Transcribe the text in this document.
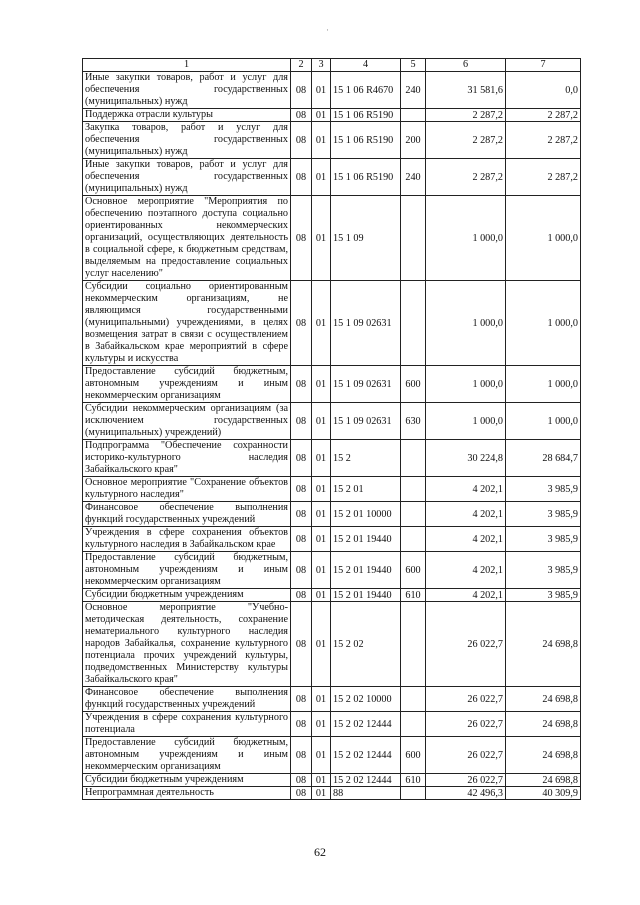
·
1	2	3	4	5	6	7
Иные закупки товаров, работ и услуг для обеспечения государственных (муниципальных) нужд	08	01	15 1 06 R4670	240	31 581,6	0,0
Поддержка отрасли культуры	08	01	15 1 06 R5190		2 287,2	2 287,2
Закупка товаров, работ и услуг для обеспечения государственных (муниципальных) нужд	08	01	15 1 06 R5190	200	2 287,2	2 287,2
Иные закупки товаров, работ и услуг для обеспечения государственных (муниципальных) нужд	08	01	15 1 06 R5190	240	2 287,2	2 287,2
Основное мероприятие "Мероприятия по обеспечению поэтапного доступа социально ориентированных некоммерческих организаций, осуществляющих деятельность в социальной сфере, к бюджетным средствам, выделяемым на предоставление социальных услуг населению"	08	01	15 1 09		1 000,0	1 000,0
Субсидии социально ориентированным некоммерческим организациям, не являющимся государственными (муниципальными) учреждениями, в целях возмещения затрат в связи с осуществлением в Забайкальском крае мероприятий в сфере культуры и искусства	08	01	15 1 09 02631		1 000,0	1 000,0
Предоставление субсидий бюджетным, автономным учреждениям и иным некоммерческим организациям	08	01	15 1 09 02631	600	1 000,0	1 000,0
Субсидии некоммерческим организациям (за исключением государственных (муниципальных) учреждений)	08	01	15 1 09 02631	630	1 000,0	1 000,0
Подпрограмма "Обеспечение сохранности историко-культурного наследия Забайкальского края"	08	01	15 2		30 224,8	28 684,7
Основное мероприятие "Сохранение объектов культурного наследия"	08	01	15 2 01		4 202,1	3 985,9
Финансовое обеспечение выполнения функций государственных учреждений	08	01	15 2 01 10000		4 202,1	3 985,9
Учреждения в сфере сохранения объектов культурного наследия в Забайкальском крае	08	01	15 2 01 19440		4 202,1	3 985,9
Предоставление субсидий бюджетным, автономным учреждениям и иным некоммерческим организациям	08	01	15 2 01 19440	600	4 202,1	3 985,9
Субсидии бюджетным учреждениям	08	01	15 2 01 19440	610	4 202,1	3 985,9
Основное мероприятие "Учебно-методическая деятельность, сохранение нематериального культурного наследия народов Забайкалья, сохранение культурного потенциала прочих учреждений культуры, подведомственных Министерству культуры Забайкальского края"	08	01	15 2 02		26 022,7	24 698,8
Финансовое обеспечение выполнения функций государственных учреждений	08	01	15 2 02 10000		26 022,7	24 698,8
Учреждения в сфере сохранения культурного потенциала	08	01	15 2 02 12444		26 022,7	24 698,8
Предоставление субсидий бюджетным, автономным учреждениям и иным некоммерческим организациям	08	01	15 2 02 12444	600	26 022,7	24 698,8
Субсидии бюджетным учреждениям	08	01	15 2 02 12444	610	26 022,7	24 698,8
Непрограммная деятельность	08	01	88		42 496,3	40 309,9
62
